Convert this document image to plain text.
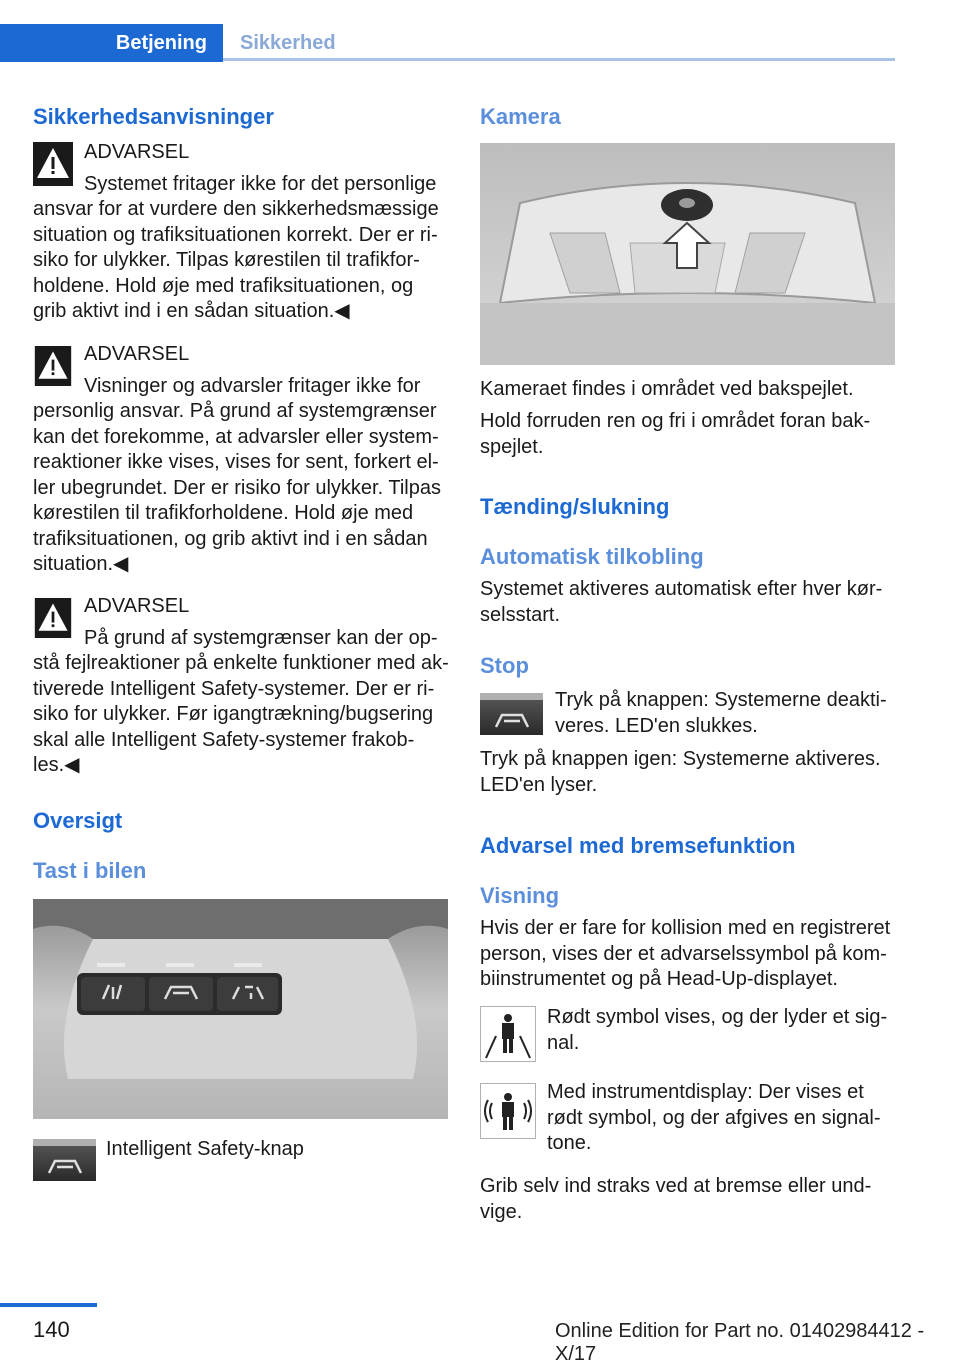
Betjening	Sikkerhed
Sikkerhedsanvisninger
ADVARSEL
Systemet fritager ikke for det personlige
ansvar for at vurdere den sikkerhedsmæssige
situation og trafiksituationen korrekt. Der er ri‐
siko for ulykker. Tilpas kørestilen til trafikfor‐
holdene. Hold øje med trafiksituationen, og
grib aktivt ind i en sådan situation.◀
ADVARSEL
Visninger og advarsler fritager ikke for
personlig ansvar. På grund af systemgrænser
kan det forekomme, at advarsler eller system‐
reaktioner ikke vises, vises for sent, forkert el‐
ler ubegrundet. Der er risiko for ulykker. Tilpas
kørestilen til trafikforholdene. Hold øje med
trafiksituationen, og grib aktivt ind i en sådan
situation.◀
ADVARSEL
På grund af systemgrænser kan der op‐
stå fejlreaktioner på enkelte funktioner med ak‐
tiverede Intelligent Safety-systemer. Der er ri‐
siko for ulykker. Før igangtrækning/bugsering
skal alle Intelligent Safety-systemer frakob‐
les.◀
Oversigt
Tast i bilen
Intelligent Safety-knap
Kamera
Kameraet findes i området ved bakspejlet.
Hold forruden ren og fri i området foran bak‐
spejlet.
Tænding/slukning
Automatisk tilkobling
Systemet aktiveres automatisk efter hver kør‐
selsstart.
Stop
Tryk på knappen: Systemerne deakti‐
veres. LED'en slukkes.
Tryk på knappen igen: Systemerne aktiveres.
LED'en lyser.
Advarsel med bremsefunktion
Visning
Hvis der er fare for kollision med en registreret
person, vises der et advarselssymbol på kom‐
biinstrumentet og på Head-Up-displayet.
Rødt symbol vises, og der lyder et sig‐
nal.
Med instrumentdisplay: Der vises et
rødt symbol, og der afgives en signal‐
tone.
Grib selv ind straks ved at bremse eller und‐
vige.
140	Online Edition for Part no. 01402984412 - X/17
